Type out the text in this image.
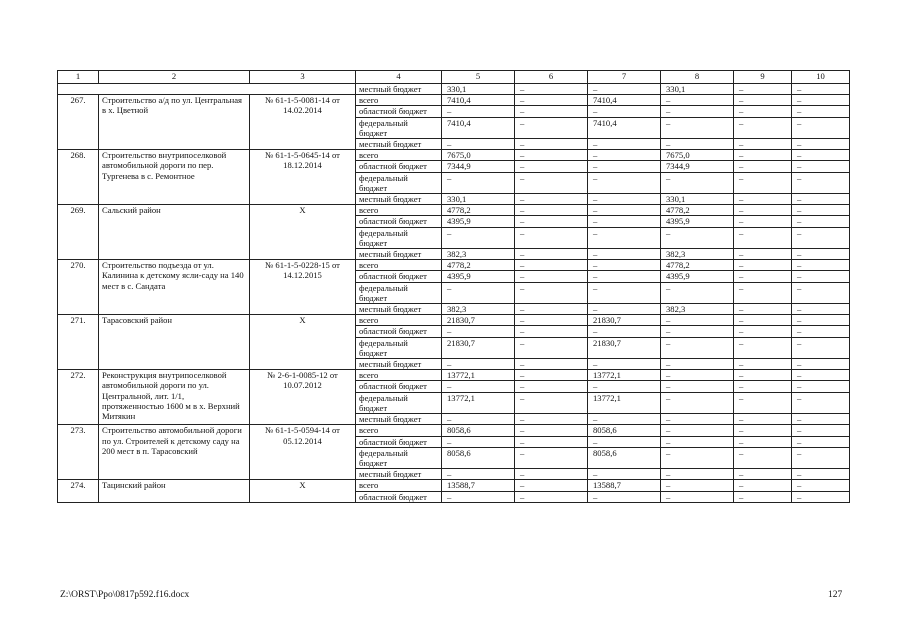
1	2	3	4	5	6	7	8	9	10
			местный бюджет	330,1	–	–	330,1	–	–
267.	Строительство а/д по ул. Центральная в х. Цветной	№ 61-1-5-0081-14 от 14.02.2014	всего	7410,4	–	7410,4	–	–	–
			областной бюджет	–	–	–	–	–	–
			федеральный бюджет	7410,4	–	7410,4	–	–	–
			местный бюджет	–	–	–	–	–	–
268.	Строительство внутрипоселковой автомобильной дороги по пер. Тургенева в с. Ремонтное	№ 61-1-5-0645-14 от 18.12.2014	всего	7675,0	–	–	7675,0	–	–
			областной бюджет	7344,9	–	–	7344,9	–	–
			федеральный бюджет	–	–	–	–	–	–
			местный бюджет	330,1	–	–	330,1	–	–
269.	Сальский район	Х	всего	4778,2	–	–	4778,2	–	–
			областной бюджет	4395,9	–	–	4395,9	–	–
			федеральный бюджет	–	–	–	–	–	–
			местный бюджет	382,3	–	–	382,3	–	–
270.	Строительство подъезда от ул. Калинина к детскому ясли-саду на 140 мест в с. Сандата	№ 61-1-5-0228-15 от 14.12.2015	всего	4778,2	–	–	4778,2	–	–
			областной бюджет	4395,9	–	–	4395,9	–	–
			федеральный бюджет	–	–	–	–	–	–
			местный бюджет	382,3	–	–	382,3	–	–
271.	Тарасовский район	Х	всего	21830,7	–	21830,7	–	–	–
			областной бюджет	–	–	–	–	–	–
			федеральный бюджет	21830,7	–	21830,7	–	–	–
			местный бюджет	–	–	–	–	–	–
272.	Реконструкция внутрипоселковой автомобильной дороги по ул. Центральной, лит. 1/1, протяженностью 1600 м в х. Верхний Митякин	№ 2-6-1-0085-12 от 10.07.2012	всего	13772,1	–	13772,1	–	–	–
			областной бюджет	–	–	–	–	–	–
			федеральный бюджет	13772,1	–	13772,1	–	–	–
			местный бюджет	–	–	–	–	–	–
273.	Строительство автомобильной дороги по ул. Строителей к детскому саду на 200 мест в п. Тарасовский	№ 61-1-5-0594-14 от 05.12.2014	всего	8058,6	–	8058,6	–	–	–
			областной бюджет	–	–	–	–	–	–
			федеральный бюджет	8058,6	–	8058,6	–	–	–
			местный бюджет	–	–	–	–	–	–
274.	Тацинский район	Х	всего	13588,7	–	13588,7	–	–	–
			областной бюджет	–	–	–	–	–	–
Z:\ORST\Ppo\0817p592.f16.docx	127
